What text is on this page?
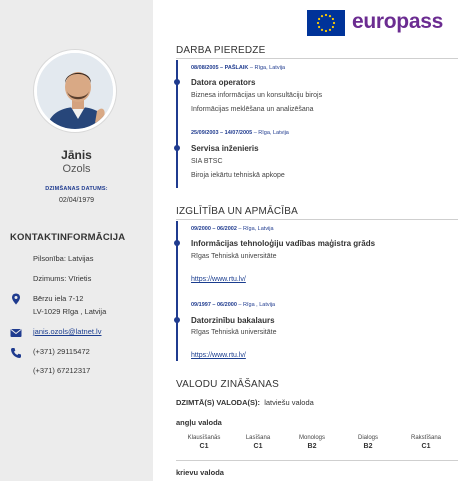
Jānis
Ozols
DZIMŠANAS DATUMS:
02/04/1979
KONTAKTINFORMĀCIJA
Pilsonība: Latvijas
Dzimums: Vīrietis
Bērzu iela 7-12
LV-1029 Rīga , Latvija
janis.ozols@latnet.lv
(+371) 29115472
(+371) 67212317
europass
DARBA PIEREDZE
08/08/2005 – PAŠLAIK – Rīga, Latvija
Datora operators
Biznesa informācijas un konsultāciju birojs
Informācijas meklēšana un analizēšana
25/09/2003 – 14/07/2005 – Rīga, Latvija
Servisa inženieris
SIA BTSC
Biroja iekārtu tehniskā apkope
IZGLĪTĪBA UN APMĀCĪBA
09/2000 – 06/2002 – Rīga, Latvija
Informācijas tehnoloģiju vadības maģistra grāds
Rīgas Tehniskā universitāte
https://www.rtu.lv/
09/1997 – 06/2000 – Rīga , Latvija
Datorzinību bakalaurs
Rīgas Tehniskā universitāte
https://www.rtu.lv/
VALODU ZINĀŠANAS
DZIMTĀ(S) VALODA(S): latviešu valoda
angļu valoda
Klausīšanās
C1
Lasīšana
C1
Monologs
B2
Dialogs
B2
Rakstīšana
C1
krievu valoda
